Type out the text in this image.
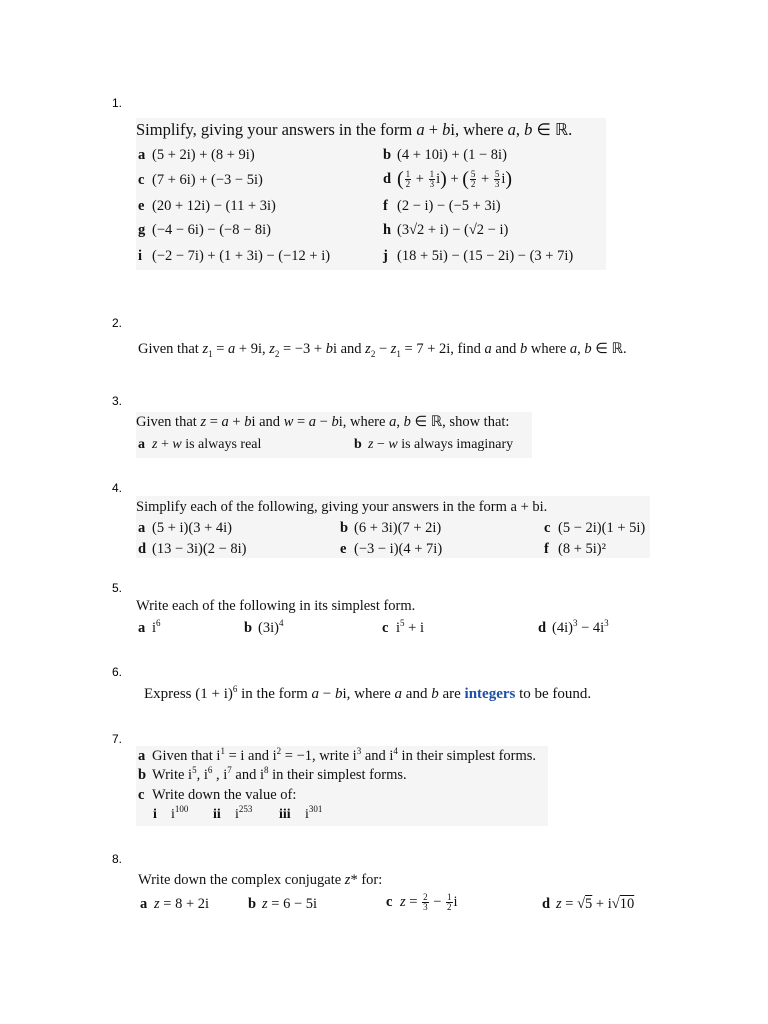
1.
Simplify, giving your answers in the form a + bi, where a, b ∈ ℝ.
a (5 + 2i) + (8 + 9i)	b (4 + 10i) + (1 − 8i)
c (7 + 6i) + (−3 − 5i)	d ( $\frac{1}{2} + \frac{1}{3} i$) + ( $\frac{5}{2} + \frac{5}{3} i$)
e (20 + 12i) − (11 + 3i)	f (2 − i) − (−5 + 3i)
g (−4 − 6i) − (−8 − 8i)	h (3√2 + i) − (√2 − i)
i (−2 − 7i) + (1 + 3i) − (−12 + i)	j (18 + 5i) − (15 − 2i) − (3 + 7i)
2.
Given that $z_1 = a + 9i$, $z_2 = -3$ + bi and $z_2 - z_1 = 7 + 2i$, find a and b where a, b ∈ ℝ.
3.
Given that z = a + bi and w = a − bi, where a, b ∈ ℝ, show that:
a z + w is always real	b z − w is always imaginary
4.
Simplify each of the following, giving your answers in the form a + bi.
a (5 + i)(3 + 4i)	b (6 + 3i)(7 + 2i)	c (5 − 2i)(1 + 5i)
d (13 − 3i)(2 − 8i)	e (−3 − i)(4 + 7i)	f (8 + 5i)²
5.
Write each of the following in its simplest form.
a $i^6$	b $(3i)^4$	c $i^5 + i$	d $(4i)^3 - 4i^3$
6.
Express $(1 + i)^6$ in the form a − bi, where a and b are integers to be found.
7.
a Given that $i^1 = i$ and $i^2 = -1$, write $i^3$ and $i^4$ in their simplest forms.
b Write $i^5$, $i^6$ , $i^7$ and $i^8$ in their simplest forms.
c Write down the value of:
i $i^{100}$ ii $i^{253}$ iii $i^{301}$
8.
Write down the complex conjugate z* for:
a z = 8 + 2i	b z = 6 − 5i	c $z = \frac{2}{3} - \frac{1}{2}$ i	d z = √5 + i√10
